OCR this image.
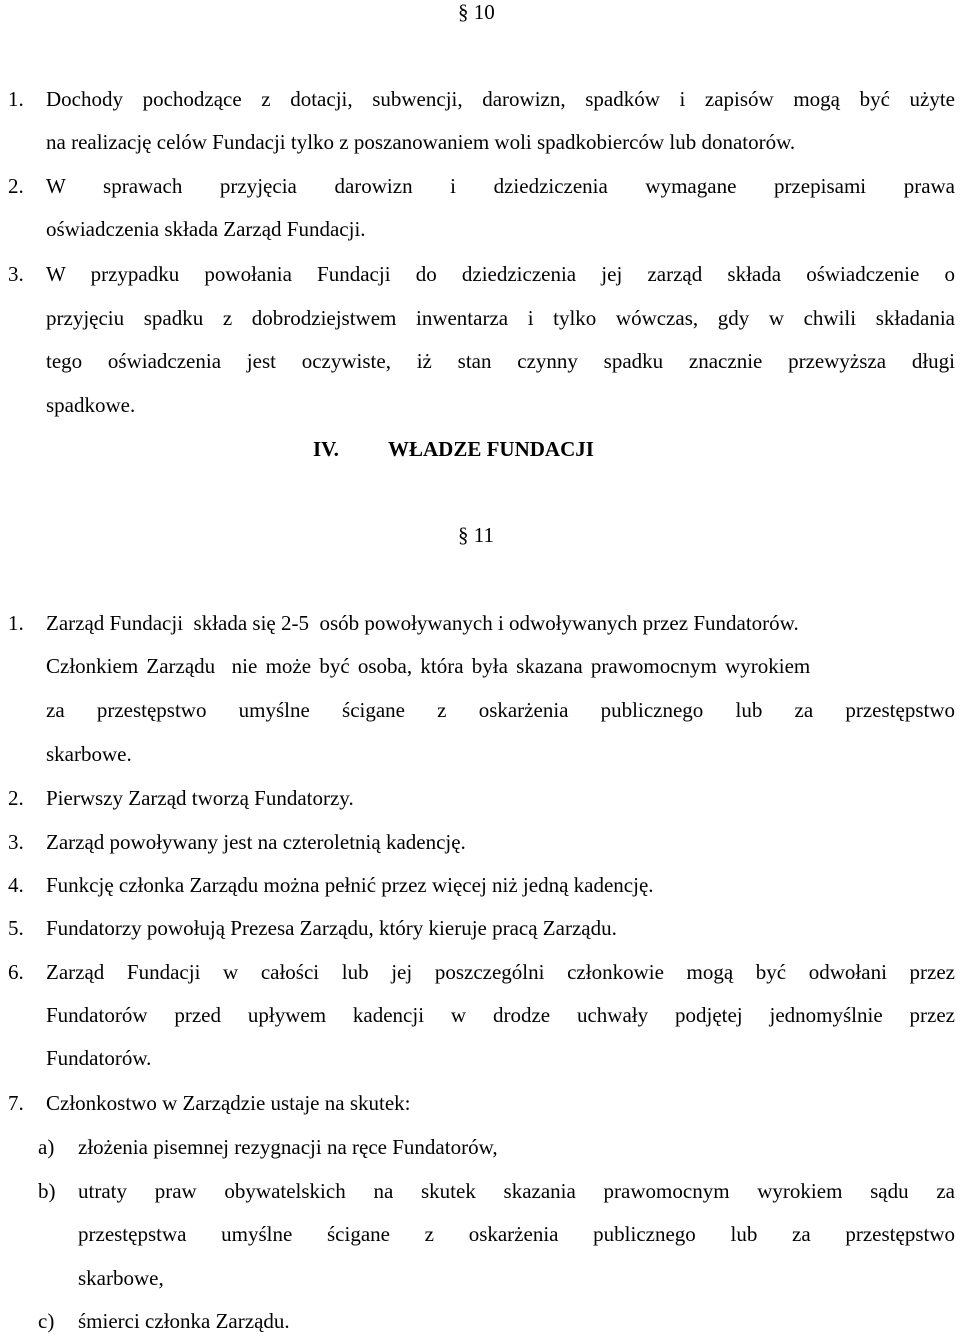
§ 10
1. Dochody pochodzące z dotacji, subwencji, darowizn, spadków i zapisów mogą być użyte
na realizację celów Fundacji tylko z poszanowaniem woli spadkobierców lub donatorów.
2. W sprawach przyjęcia darowizn i dziedziczenia wymagane przepisami prawa
oświadczenia składa Zarząd Fundacji.
3. W przypadku powołania Fundacji do dziedziczenia jej zarząd składa oświadczenie o
przyjęciu spadku z dobrodziejstwem inwentarza i tylko wówczas, gdy w chwili składania
tego oświadczenia jest oczywiste, iż stan czynny spadku znacznie przewyższa długi
spadkowe.
IV. WŁADZE FUNDACJI
§ 11
1. Zarząd Fundacji  składa się 2-5  osób powoływanych i odwoływanych przez Fundatorów.
Członkiem Zarządu  nie może być osoba, która była skazana prawomocnym wyrokiem
za przestępstwo umyślne ścigane z oskarżenia publicznego lub za przestępstwo
skarbowe.
2. Pierwszy Zarząd tworzą Fundatorzy.
3. Zarząd powoływany jest na czteroletnią kadencję.
4. Funkcję członka Zarządu można pełnić przez więcej niż jedną kadencję.
5. Fundatorzy powołują Prezesa Zarządu, który kieruje pracą Zarządu.
6. Zarząd Fundacji w całości lub jej poszczególni członkowie mogą być odwołani przez
Fundatorów przed upływem kadencji w drodze uchwały podjętej jednomyślnie przez
Fundatorów.
7. Członkostwo w Zarządzie ustaje na skutek:
a) złożenia pisemnej rezygnacji na ręce Fundatorów,
b) utraty praw obywatelskich na skutek skazania prawomocnym wyrokiem sądu za
przestępstwa umyślne ścigane z oskarżenia publicznego lub za przestępstwo
skarbowe,
c) śmierci członka Zarządu.
